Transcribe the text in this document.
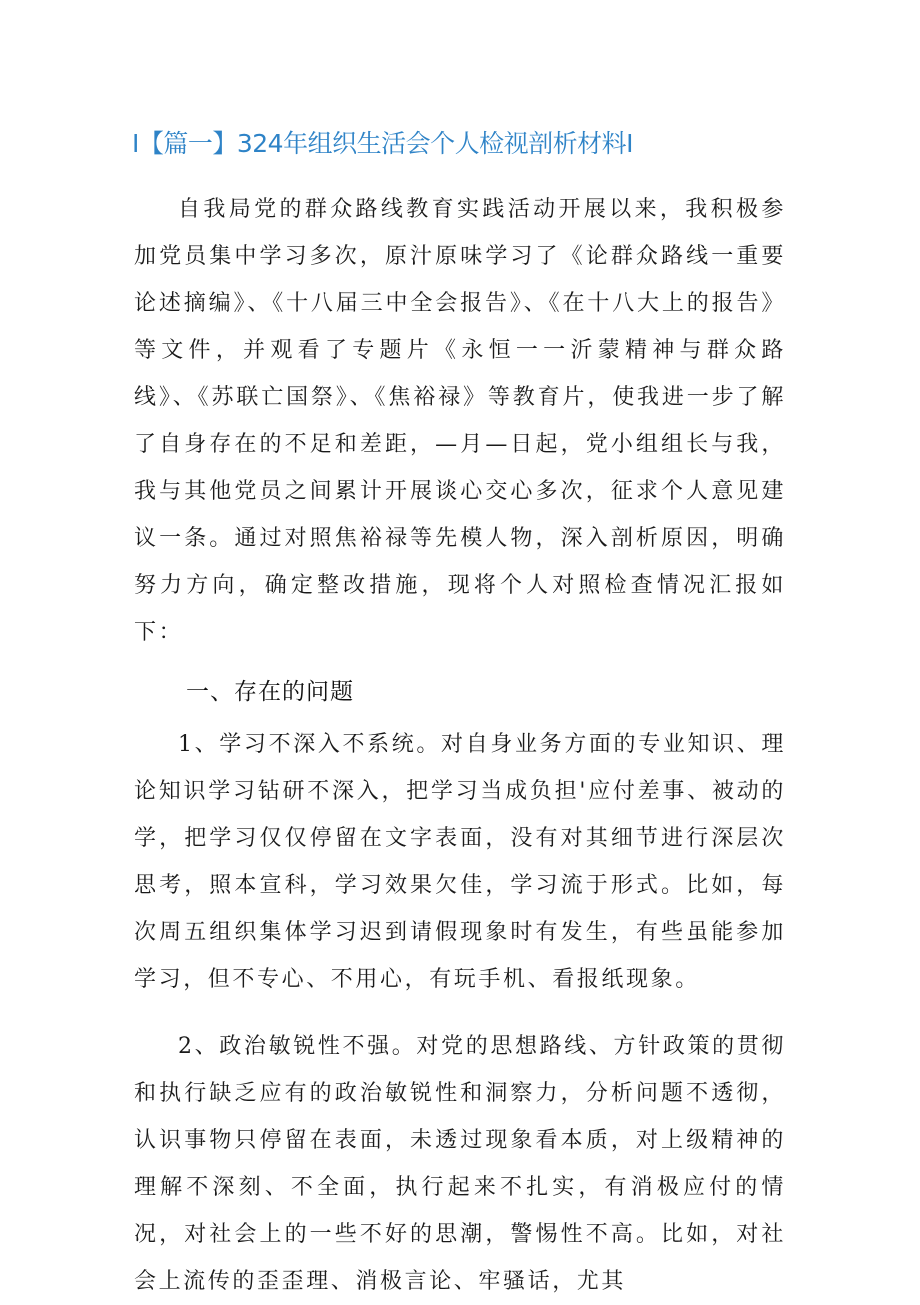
I【篇一】324年组织生活会个人检视剖析材料I

自我局党的群众路线教育实践活动开展以来，我积极参加党员集中学习多次，原汁原味学习了《论群众路线一重要论述摘编》、《十八届三中全会报告》、《在十八大上的报告》等文件，并观看了专题片《永恒一一沂蒙精神与群众路线》、《苏联亡国祭》、《焦裕禄》等教育片，使我进一步了解了自身存在的不足和差距，—月—日起，党小组组长与我，我与其他党员之间累计开展谈心交心多次，征求个人意见建议一条。通过对照焦裕禄等先模人物，深入剖析原因，明确努力方向，确定整改措施，现将个人对照检查情况汇报如下：

一、存在的问题

1、学习不深入不系统。对自身业务方面的专业知识、理论知识学习钻研不深入，把学习当成负担'应付差事、被动的学，把学习仅仅停留在文字表面，没有对其细节进行深层次思考，照本宣科，学习效果欠佳，学习流于形式。比如，每次周五组织集体学习迟到请假现象时有发生，有些虽能参加学习，但不专心、不用心，有玩手机、看报纸现象。

2、政治敏锐性不强。对党的思想路线、方针政策的贯彻和执行缺乏应有的政治敏锐性和洞察力，分析问题不透彻，认识事物只停留在表面，未透过现象看本质，对上级精神的理解不深刻、不全面，执行起来不扎实，有消极应付的情况，对社会上的一些不好的思潮，警惕性不高。比如，对社会上流传的歪歪理、消极言论、牢骚话，尤其
